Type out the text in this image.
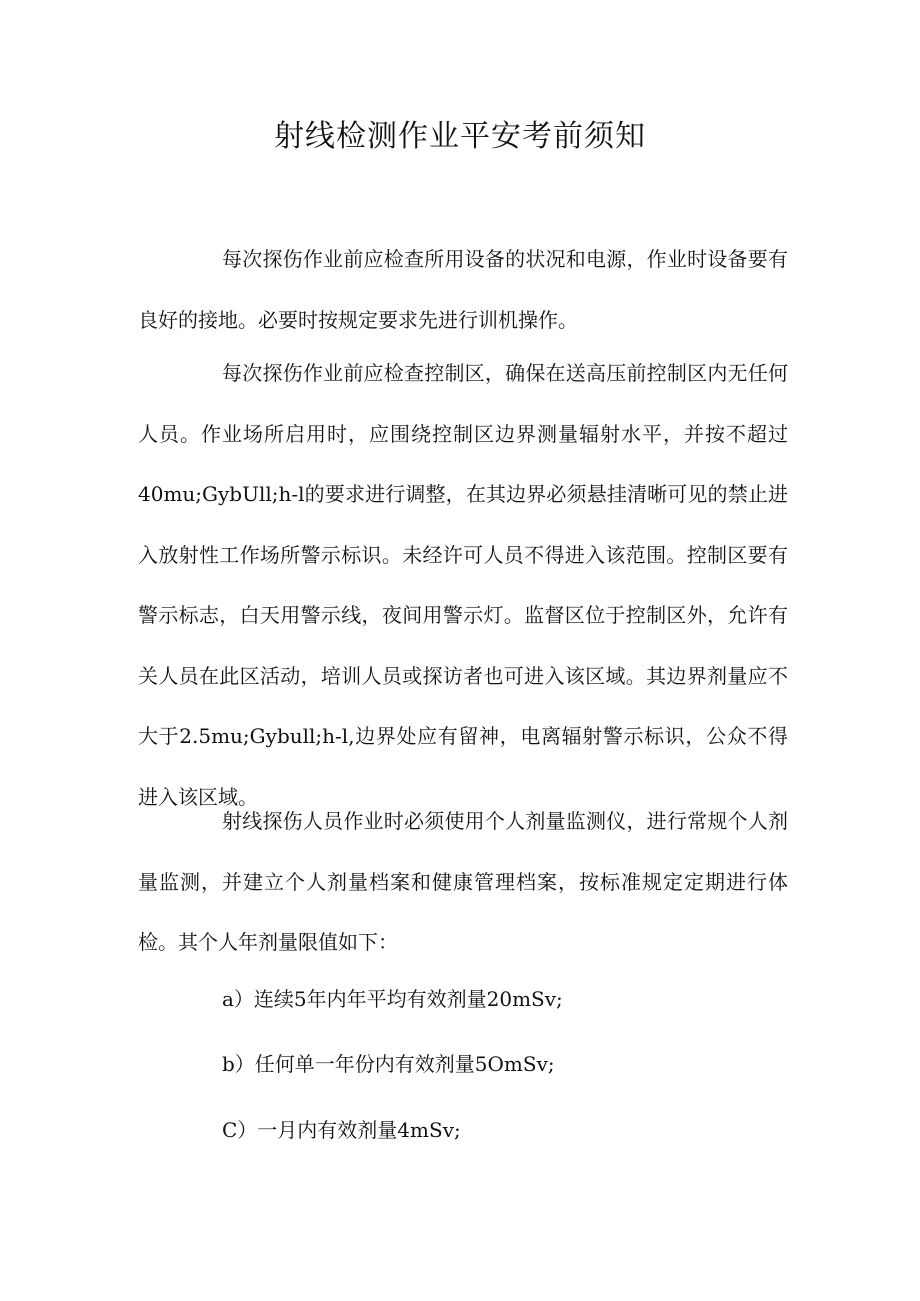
射线检测作业平安考前须知

每次探伤作业前应检查所用设备的状况和电源，作业时设备要有良好的接地。必要时按规定要求先进行训机操作。

每次探伤作业前应检查控制区，确保在送高压前控制区内无任何人员。作业场所启用时，应围绕控制区边界测量辐射水平，并按不超过40mu;GybUll;h-l的要求进行调整，在其边界必须悬挂清晰可见的禁止进入放射性工作场所警示标识。未经许可人员不得进入该范围。控制区要有警示标志，白天用警示线，夜间用警示灯。监督区位于控制区外，允许有关人员在此区活动，培训人员或探访者也可进入该区域。其边界剂量应不大于2.5mu;Gybull;h-l,边界处应有留神，电离辐射警示标识，公众不得进入该区域。

射线探伤人员作业时必须使用个人剂量监测仪，进行常规个人剂量监测，并建立个人剂量档案和健康管理档案，按标准规定定期进行体检。其个人年剂量限值如下：

a）连续5年内年平均有效剂量20mSv;

b）任何单一年份内有效剂量5OmSv;

C）一月内有效剂量4mSv;
